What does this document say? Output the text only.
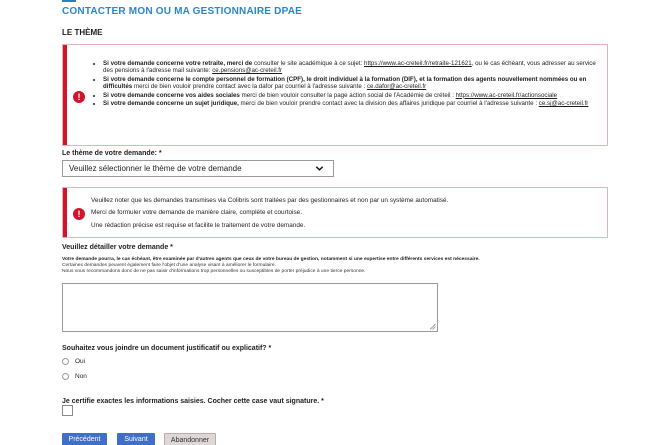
CONTACTER MON OU MA GESTIONNAIRE DPAE
LE THÈME
!
• Si votre demande concerne votre retraite, merci de consulter le site académique à ce sujet: https://www.ac-creteil.fr/retraite-121621, ou le cas échéant, vous adresser au service des pensions à l'adresse mail suivante: ce.pensions@ac-creteil.fr
• Si votre demande concerne le compte personnel de formation (CPF), le droit individuel à la formation (DIF), et la formation des agents nouvellement nommées ou en difficultés merci de bien vouloir prendre contact avec la dafor par courriel à l'adresse suivante : ce.dafor@ac-creteil.fr
• Si votre demande concerne vos aides sociales merci de bien vouloir consulter la page action social de l'Académie de créteil : https://www.ac-creteil.fr/actionsociale
• Si votre demande concerne un sujet juridique, merci de bien vouloir prendre contact avec la division des affaires juridique par courriel à l'adresse suivante : ce.sj@ac-creteil.fr
Le thème de votre demande: *
Veuillez sélectionner le thème de votre demande
!
Veuillez noter que les demandes transmises via Colibris sont traitées par des gestionnaires et non par un système automatisé.
Merci de formuler votre demande de manière claire, complète et courtoise.
Une rédaction précise est requise et facilite le traitement de votre demande.
Veuillez détailler votre demande *
Votre demande pourra, le cas échéant, être examinée par d'autres agents que ceux de votre bureau de gestion, notamment si une expertise entre différents services est nécessaire.
Certaines demandes peuvent également faire l'objet d'une analyse visant à améliorer le formulaire.
Nous vous recommandons donc de ne pas saisir d'informations trop personnelles ou susceptibles de porter préjudice à une tierce personne.
Souhaitez vous joindre un document justificatif ou explicatif? *
Oui
Non
Je certifie exactes les informations saisies. Cocher cette case vaut signature. *
Précédent	Suivant	Abandonner
